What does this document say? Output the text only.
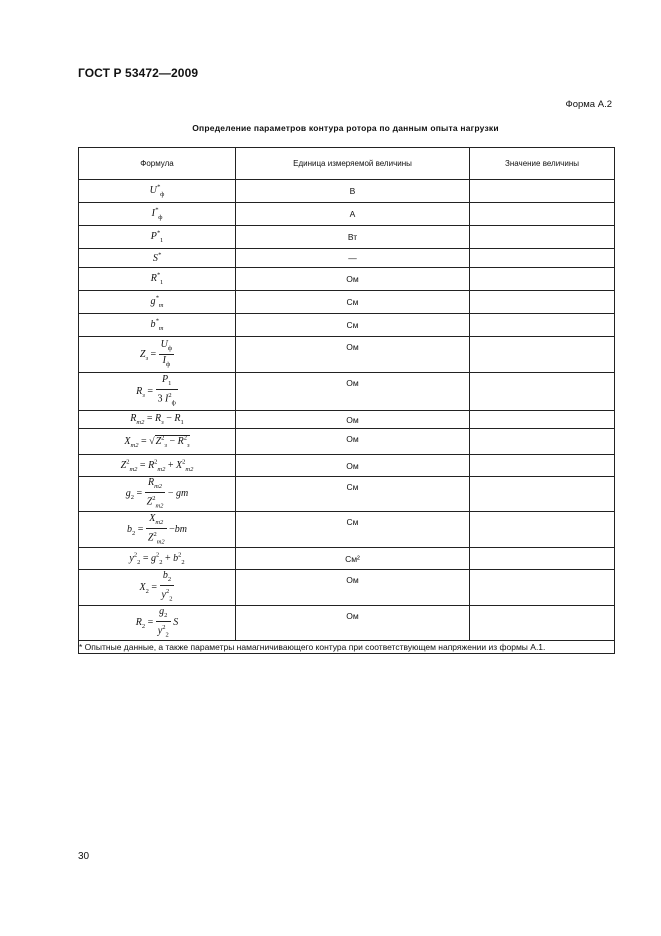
ГОСТ Р 53472—2009
Форма А.2
Определение параметров контура ротора по данным опыта нагрузки
Формула	Единица измеряемой величины	Значение величины
$U^*_ф$	В	
$I^*_ф$	А	
$P^*_1$	Вт	
S*	—	
$R^*_1$	Ом	
$g^*_m$	См	
$b^*_m$	См	
$Z_з = \frac{U_ф}{I_ф}$	Ом	
$R_з = \frac{P_1}{3 I^2_ф}$	Ом	
$R_{m2} = R_з - R_1$	Ом	
$X_{m2} = √Z^2_з - R^2_з$	Ом	
$Z^2_{m2} = R^2_{m2} + X^2_{m2}$	Ом	
$g_2 = \frac{R_{m2}}{Z^2_{m2}}$ − gm	См	
$b_2 = \frac{X_{m2}}{Z^2_{m2}} -bm$	См	
$y^2_2 = g^2_2 + b^2_2$	См²	
$X_2 = \frac{b_2}{y^2_2}$	Ом	
$R_2 = \frac{g_2}{y^2_2}$ S	Ом	
* Опытные данные, а также параметры намагничивающего контура при соответствующем напряжении из формы А.1.		
30
